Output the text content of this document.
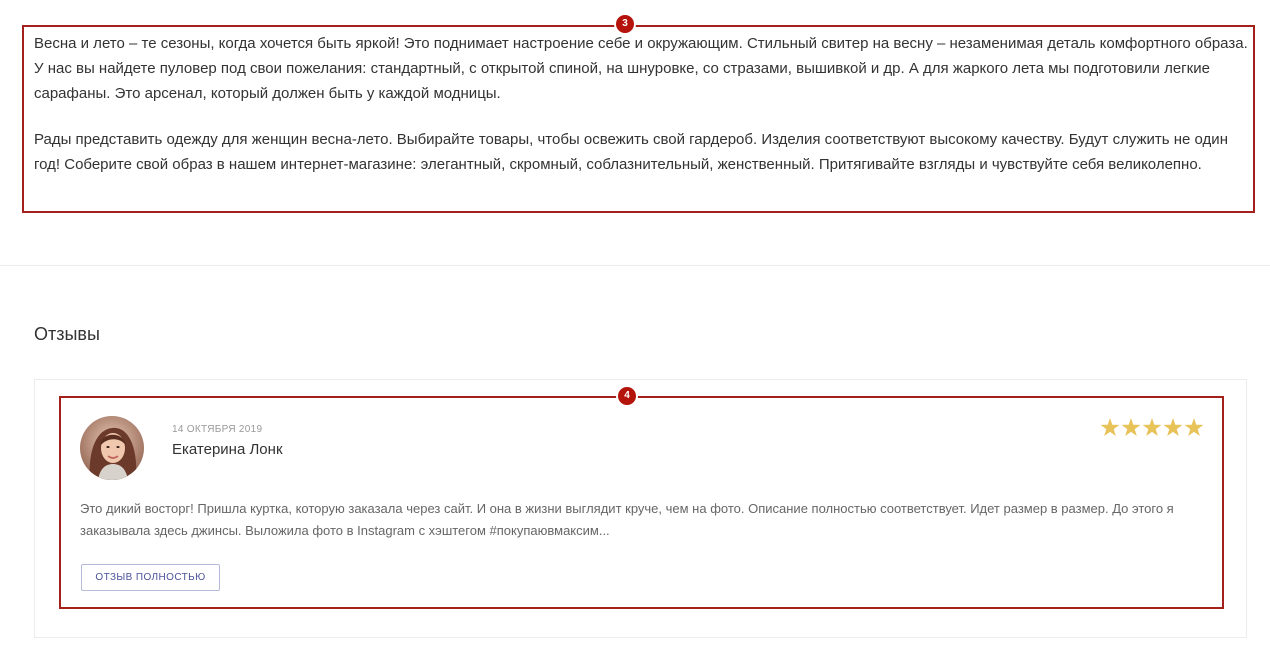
3

Весна и лето – те сезоны, когда хочется быть яркой! Это поднимает настроение себе и окружающим. Стильный свитер на весну – незаменимая деталь комфортного образа. У нас вы найдете пуловер под свои пожелания: стандартный, с открытой спиной, на шнуровке, со стразами, вышивкой и др. А для жаркого лета мы подготовили легкие сарафаны. Это арсенал, который должен быть у каждой модницы.

Рады представить одежду для женщин весна-лето. Выбирайте товары, чтобы освежить свой гардероб. Изделия соответствуют высокому качеству. Будут служить не один год! Соберите свой образ в нашем интернет-магазине: элегантный, скромный, соблазнительный, женственный. Притягивайте взгляды и чувствуйте себя великолепно.

Отзывы
4
14 ОКТЯБРЯ 2019
Екатерина Лонк
Это дикий восторг! Пришла куртка, которую заказала через сайт. И она в жизни выглядит круче, чем на фото. Описание полностью соответствует. Идет размер в размер. До этого я заказывала здесь джинсы. Выложила фото в Instagram с хэштегом #покупаювмаксим...
ОТЗЫВ ПОЛНОСТЬЮ
